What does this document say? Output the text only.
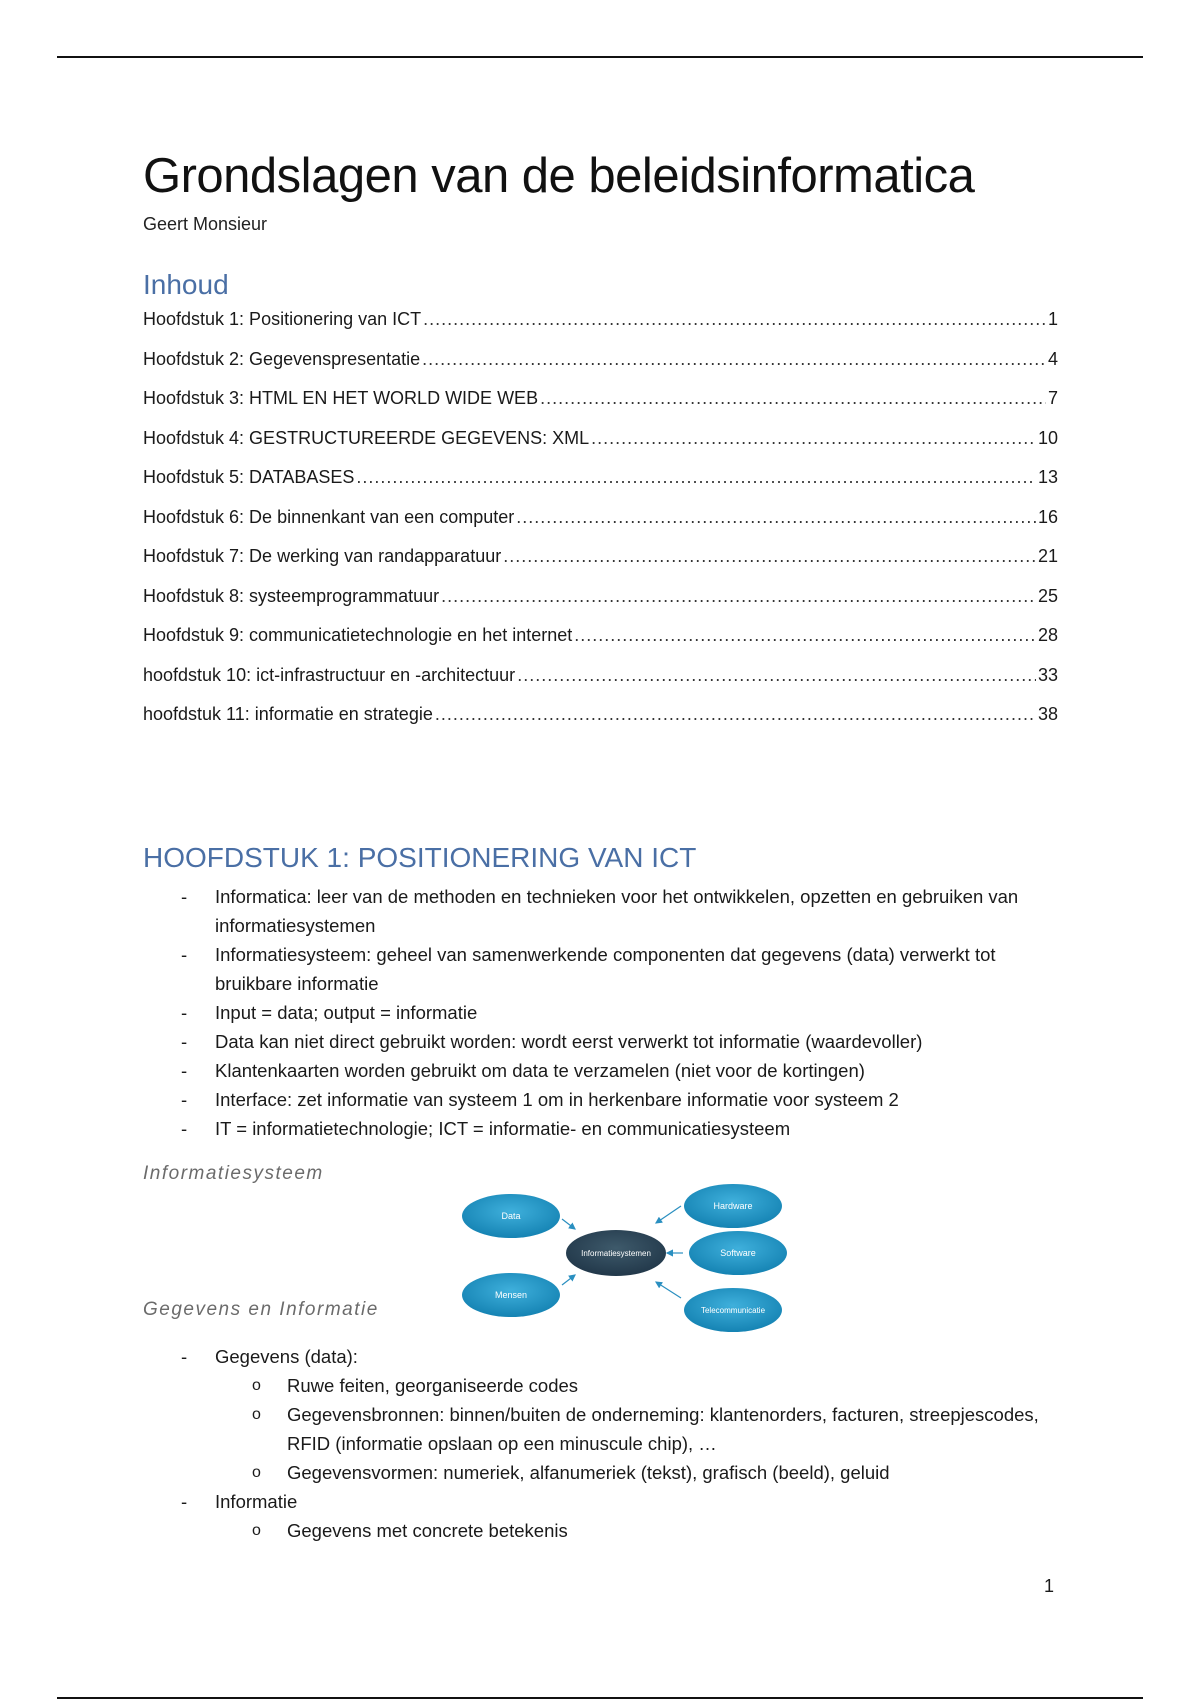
Grondslagen van de beleidsinformatica
Geert Monsieur
Inhoud
Hoofdstuk 1: Positionering van ICT .....	1
Hoofdstuk 2: Gegevenspresentatie .....	4
Hoofdstuk 3: HTML EN HET WORLD WIDE WEB .....	7
Hoofdstuk 4: GESTRUCTUREERDE GEGEVENS: XML .....	10
Hoofdstuk 5: DATABASES .....	13
Hoofdstuk 6: De binnenkant van een computer .....	16
Hoofdstuk 7: De werking van randapparatuur .....	21
Hoofdstuk 8: systeemprogrammatuur .....	25
Hoofdstuk 9: communicatietechnologie en het internet .....	28
hoofdstuk 10: ict-infrastructuur en -architectuur .....	33
hoofdstuk 11: informatie en strategie .....	38
HOOFDSTUK 1: POSITIONERING VAN ICT
- Informatica: leer van de methoden en technieken voor het ontwikkelen, opzetten en gebruiken van informatiesystemen
- Informatiesysteem: geheel van samenwerkende componenten dat gegevens (data) verwerkt tot bruikbare informatie
- Input = data; output = informatie
- Data kan niet direct gebruikt worden: wordt eerst verwerkt tot informatie (waardevoller)
- Klantenkaarten worden gebruikt om data te verzamelen (niet voor de kortingen)
- Interface: zet informatie van systeem 1 om in herkenbare informatie voor systeem 2
- IT = informatietechnologie; ICT = informatie- en communicatiesysteem
Informatiesysteem
Data
Mensen
Hardware
Software
Telecommunicatie
Informatiesystemen
Gegevens en Informatie
- Gegevens (data):
o Ruwe feiten, georganiseerde codes
o Gegevensbronnen: binnen/buiten de onderneming: klantenorders, facturen, streepjescodes, RFID (informatie opslaan op een minuscule chip), …
o Gegevensvormen: numeriek, alfanumeriek (tekst), grafisch (beeld), geluid
- Informatie
o Gegevens met concrete betekenis
1
